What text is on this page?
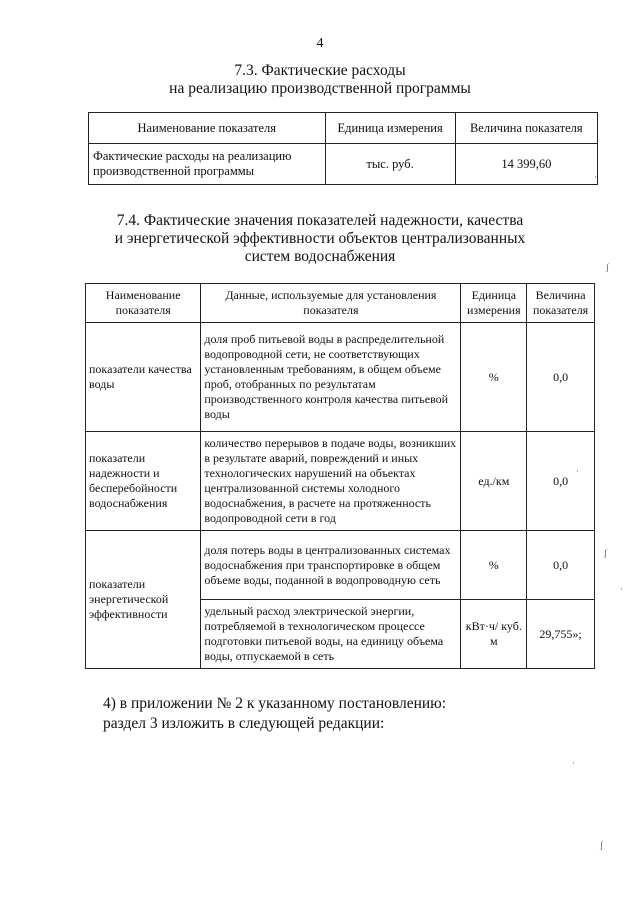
4
7.3. Фактические расходы
на реализацию производственной программы
Наименование показателя	Единица измерения	Величина показателя
Фактические расходы на реализацию производственной программы	тыс. руб.	14 399,60
7.4. Фактические значения показателей надежности, качества
и энергетической эффективности объектов централизованных
систем водоснабжения
Наименование показателя	Данные, используемые для установления показателя	Единица измерения	Величина показателя
показатели качества воды	доля проб питьевой воды в распределительной водопроводной сети, не соответствующих установленным требованиям, в общем объеме проб, отобранных по результатам производственного контроля качества питьевой воды	%	0,0
показатели надежности и бесперебойности водоснабжения	количество перерывов в подаче воды, возникших в результате аварий, повреждений и иных технологических нарушений на объектах централизованной системы холодного водоснабжения, в расчете на протяженность водопроводной сети в год	ед./км	0,0
показатели энергетической эффективности	доля потерь воды в централизованных системах водоснабжения при транспортировке в общем объеме воды, поданной в водопроводную сеть	%	0,0
	удельный расход электрической энергии, потребляемой в технологическом процессе подготовки питьевой воды, на единицу объема воды, отпускаемой в сеть	кВт·ч/ куб. м	29,755»;
4) в приложении № 2 к указанному постановлению:
раздел 3 изложить в следующей редакции:
ʃ
·
ʃ
·
·
ʃ
·
